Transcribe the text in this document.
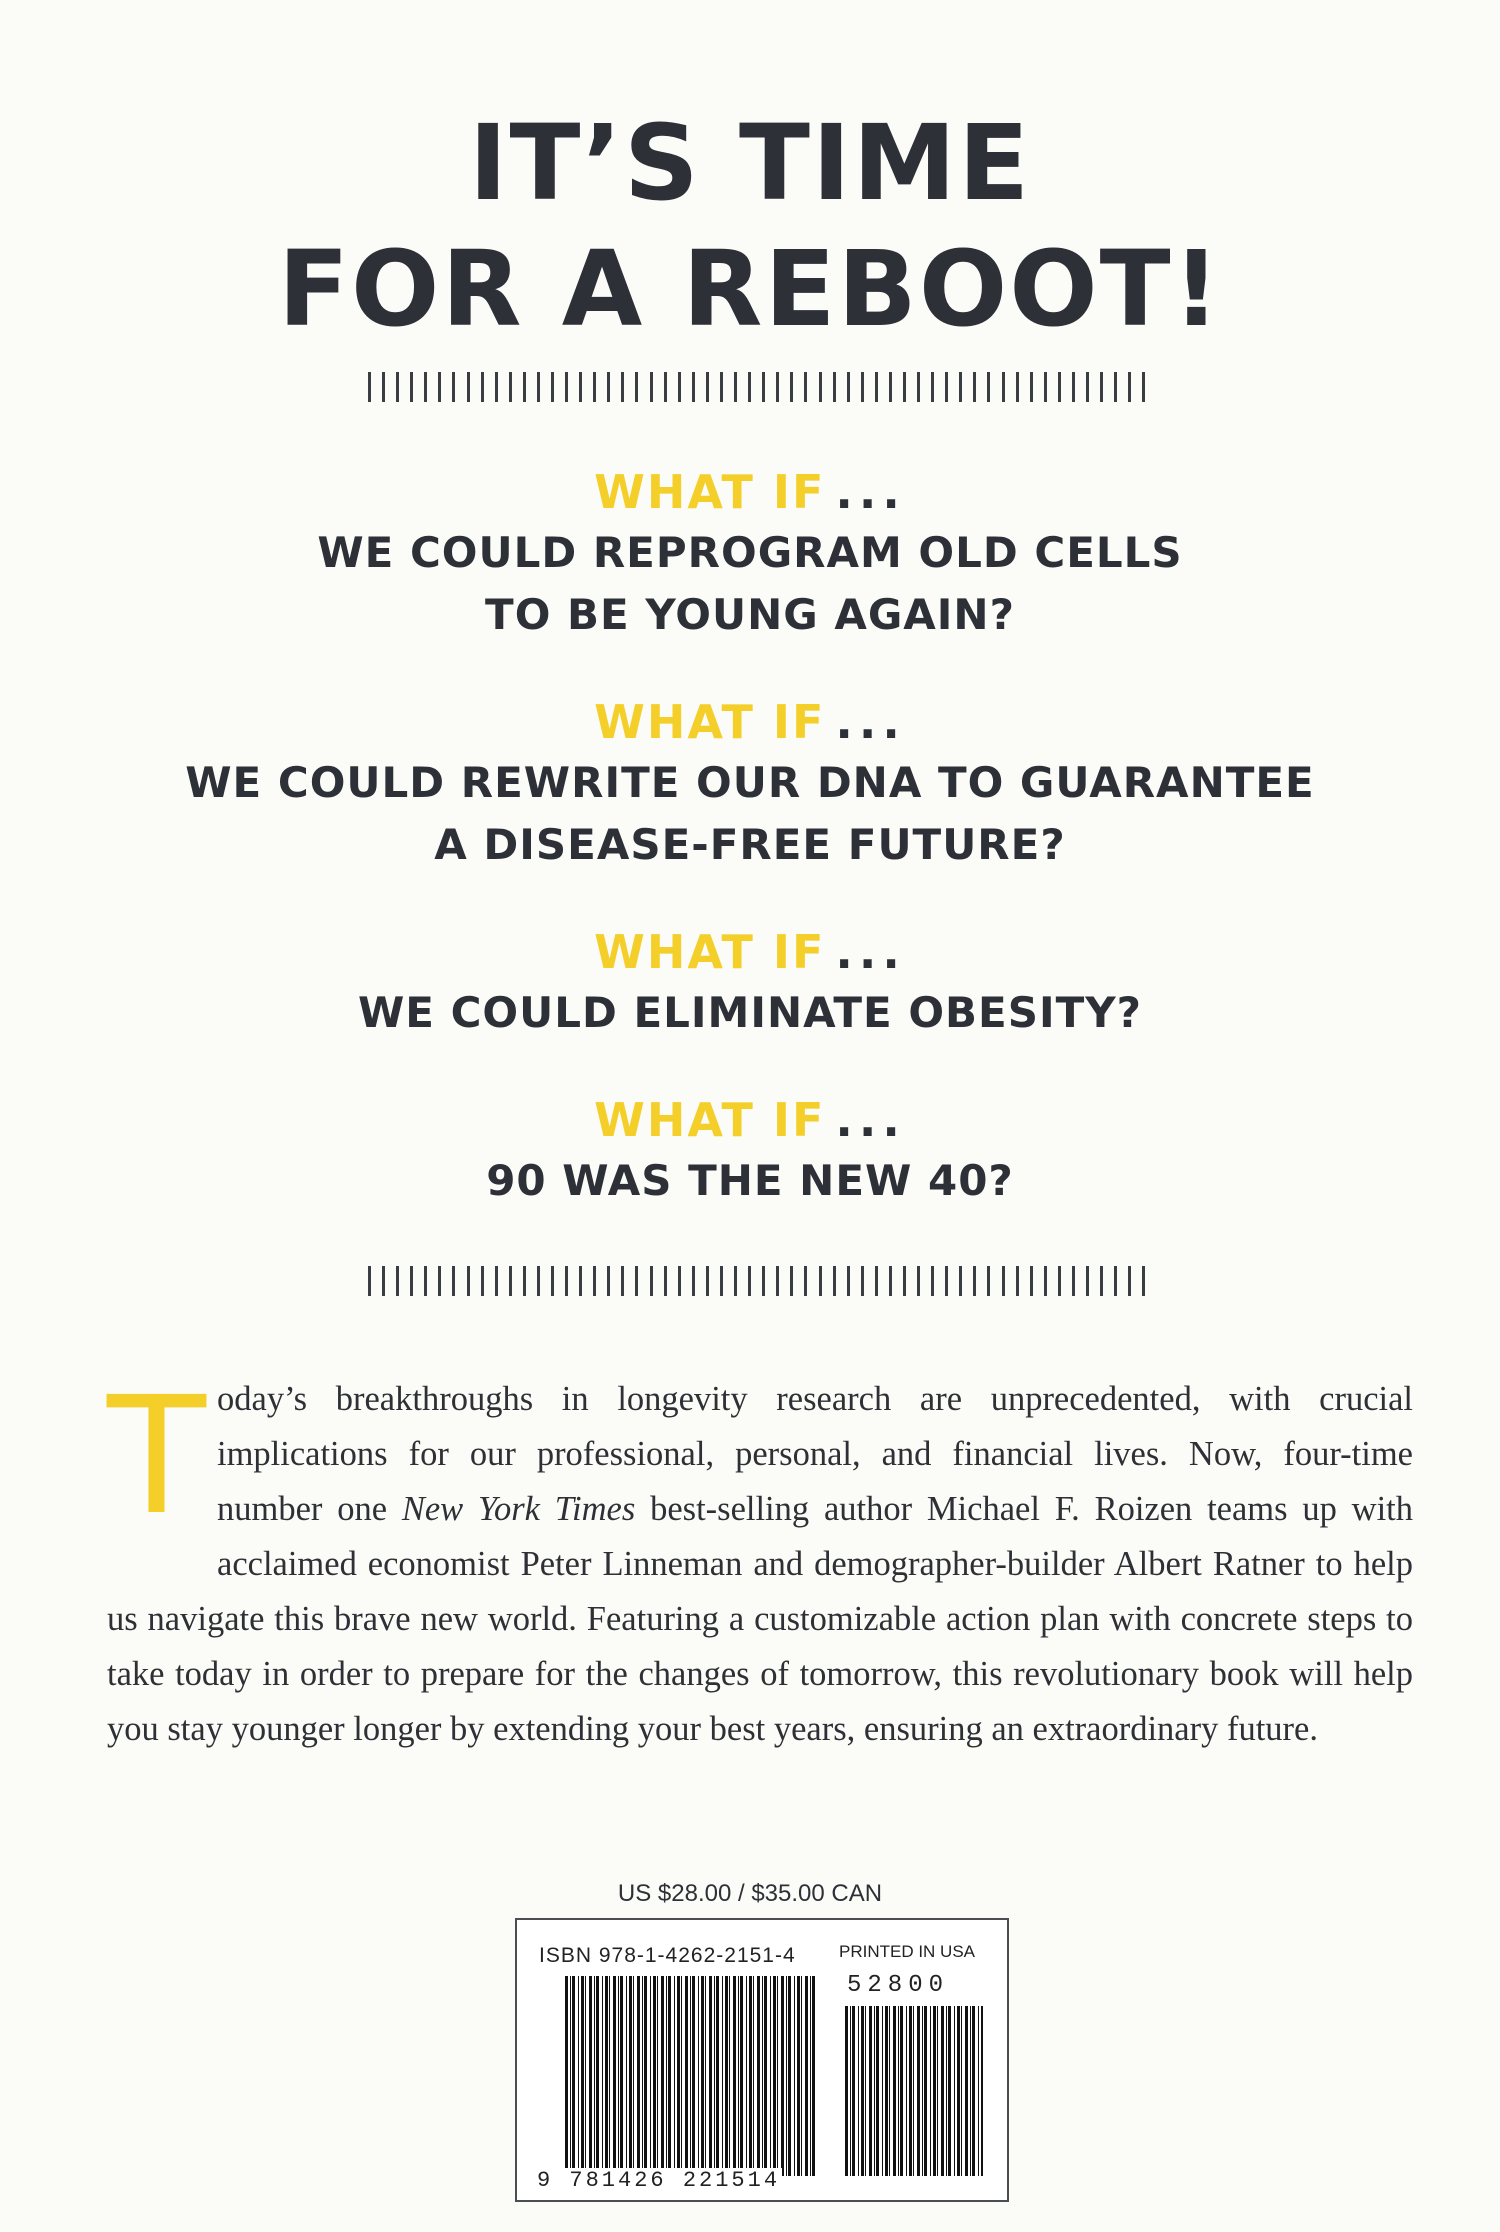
IT’S TIME
FOR A REBOOT!
WHAT IF ...
WE COULD REPROGRAM OLD CELLS
TO BE YOUNG AGAIN?
WHAT IF ...
WE COULD REWRITE OUR DNA TO GUARANTEE
A DISEASE-FREE FUTURE?
WHAT IF ...
WE COULD ELIMINATE OBESITY?
WHAT IF ...
90 WAS THE NEW 40?
Today’s breakthroughs in longevity research are unprecedented, with crucial implications for our professional, personal, and financial lives. Now, four-time number one New York Times best-selling author Michael F. Roizen teams up with acclaimed economist Peter Linneman and demographer-builder Albert Ratner to help us navigate this brave new world. Featuring a customizable action plan with concrete steps to take today in order to prepare for the changes of tomorrow, this revolutionary book will help you stay younger longer by extending your best years, ensuring an extraordinary future.
US $28.00 / $35.00 CAN
ISBN 978-1-4262-2151-4	PRINTED IN USA
52800
9 781426 221514
